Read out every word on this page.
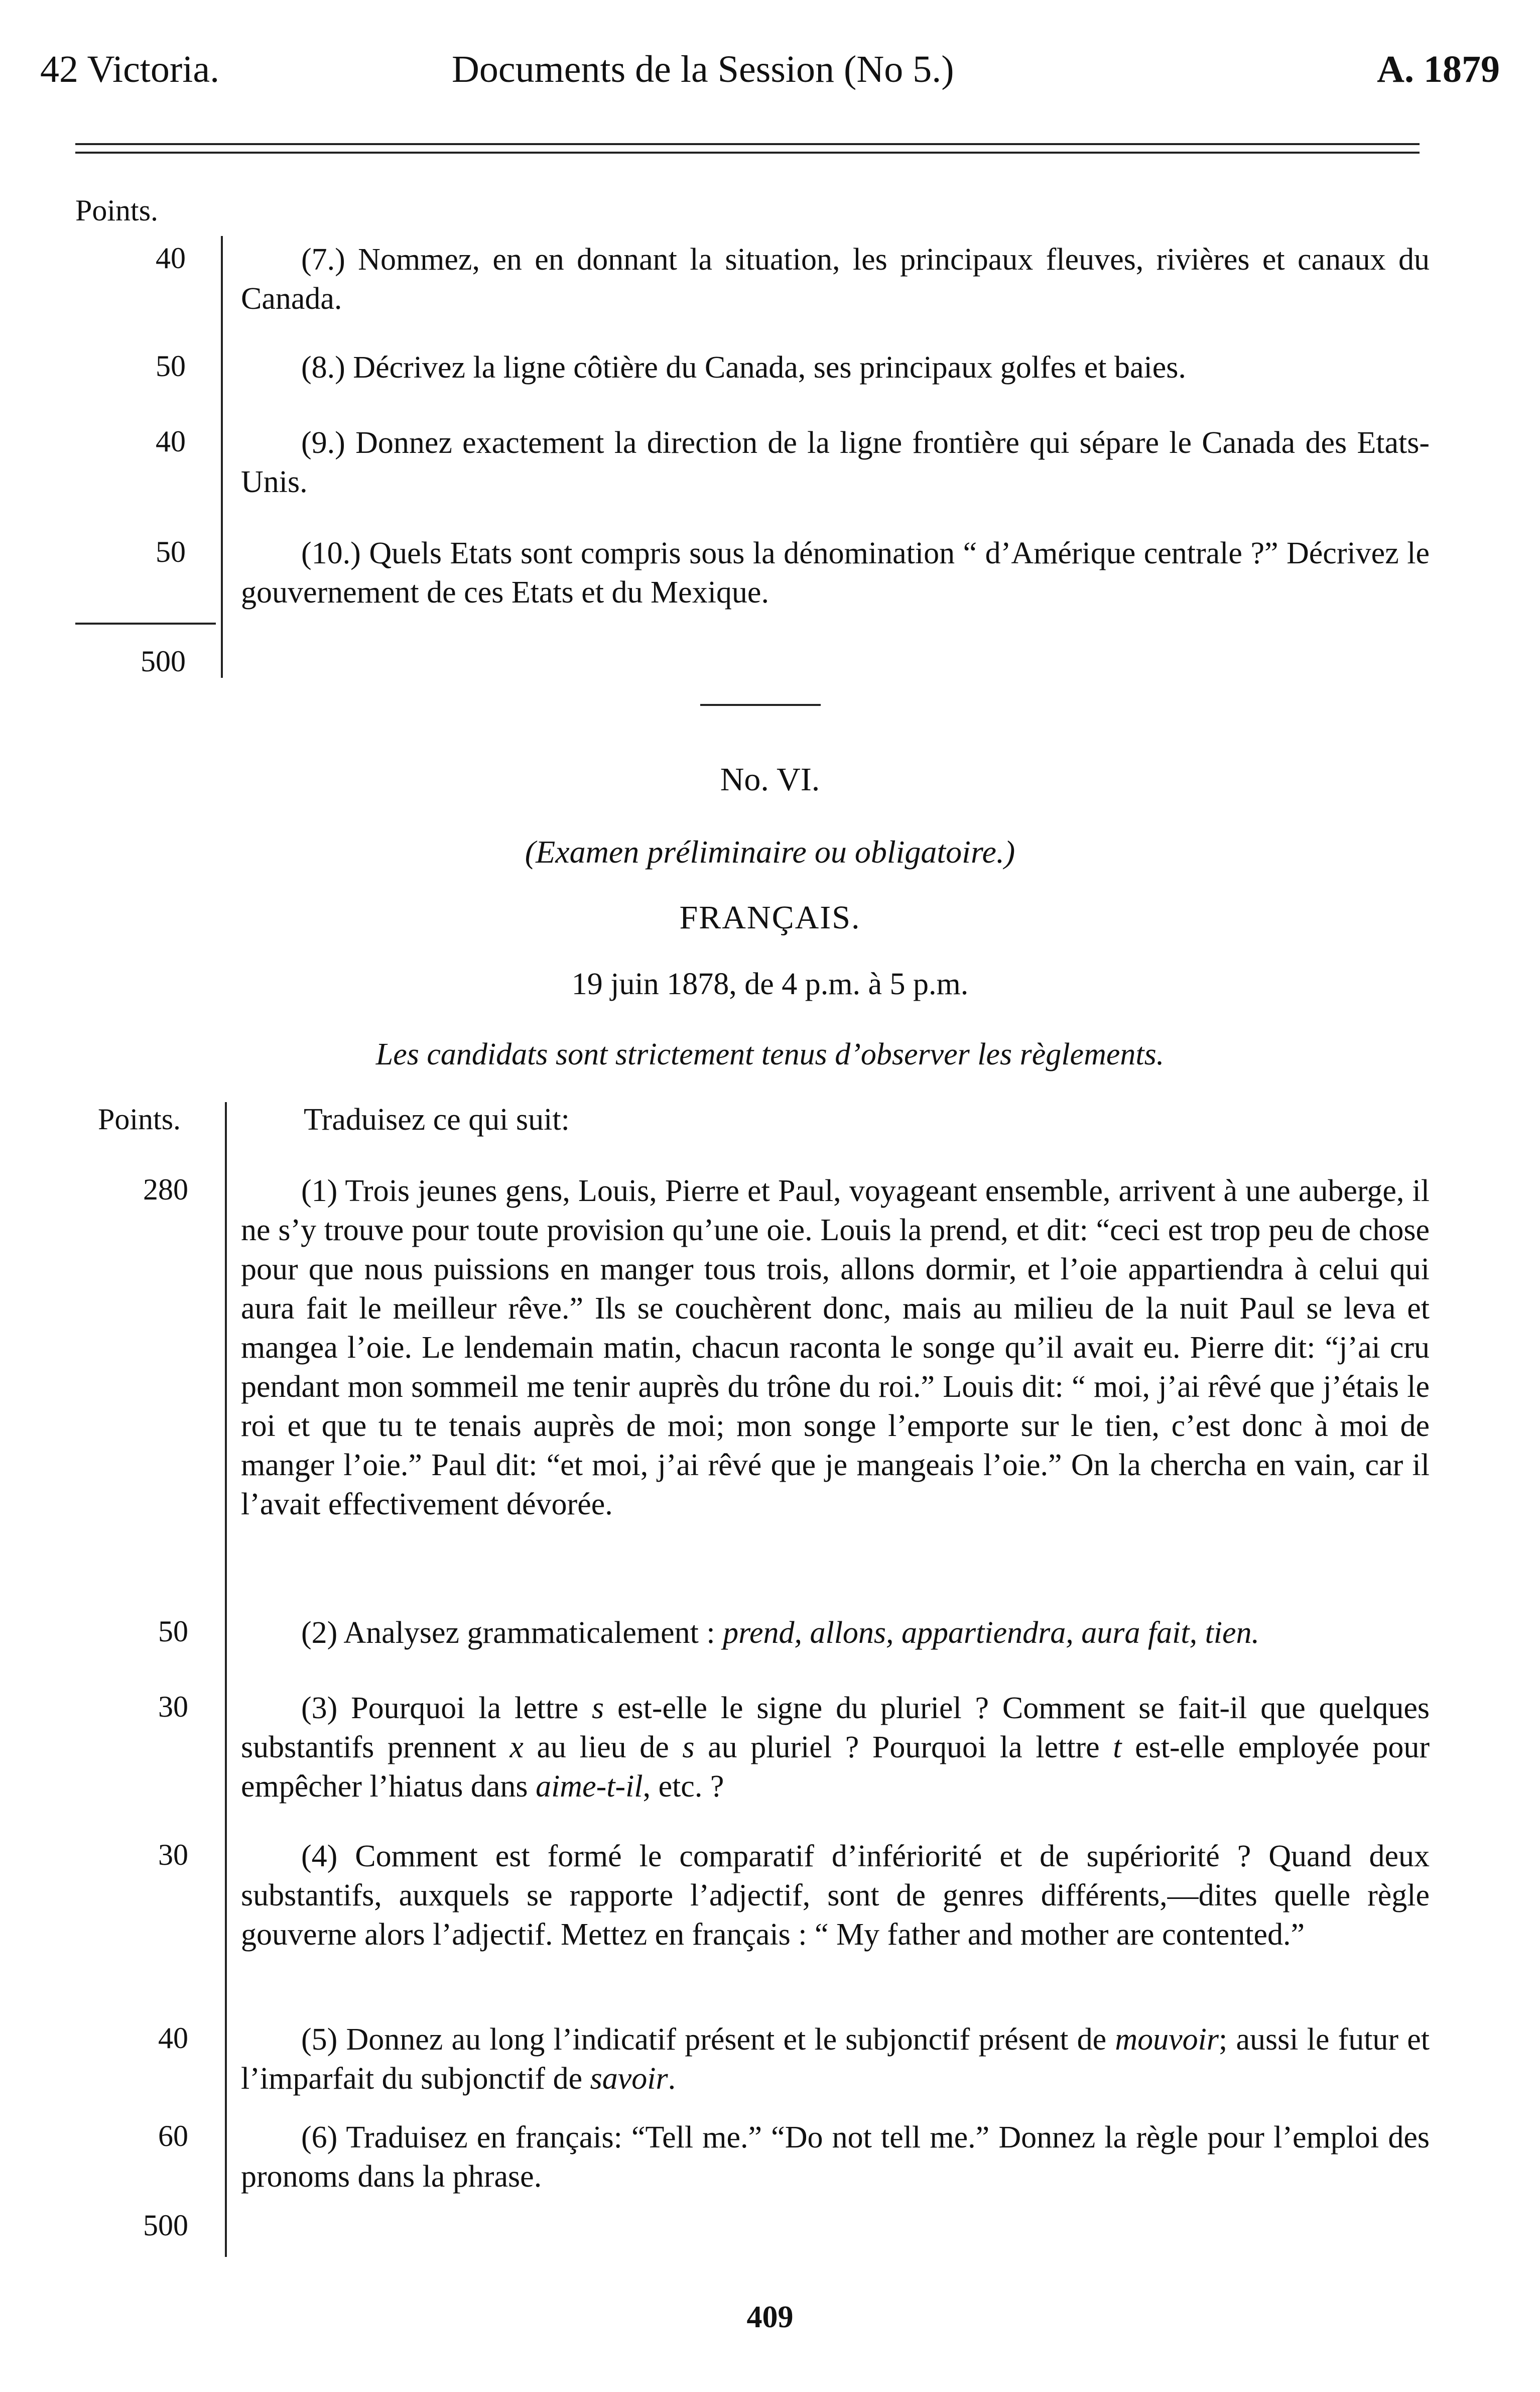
42 Victoria.	Documents de la Session (No 5.)	A. 1879
Points.
40	(7.) Nommez, en en donnant la situation, les principaux fleuves, rivières et canaux du Canada.

50	(8.) Décrivez la ligne côtière du Canada, ses principaux golfes et baies.

40	(9.) Donnez exactement la direction de la ligne frontière qui sépare le Canada des Etats-Unis.

50	(10.) Quels Etats sont compris sous la dénomination “ d’Amérique centrale ?” Décrivez le gouvernement de ces Etats et du Mexique.

500
No. VI.
(Examen préliminaire ou obligatoire.)
FRANÇAIS.
19 juin 1878, de 4 p.m. à 5 p.m.
Les candidats sont strictement tenus d’observer les règlements.
Points.	Traduisez ce qui suit:
280	(1) Trois jeunes gens, Louis, Pierre et Paul, voyageant ensemble, arrivent à une auberge, il ne s’y trouve pour toute provision qu’une oie. Louis la prend, et dit: “ceci est trop peu de chose pour que nous puissions en manger tous trois, allons dormir, et l’oie appartiendra à celui qui aura fait le meilleur rêve.” Ils se couchèrent donc, mais au milieu de la nuit Paul se leva et mangea l’oie. Le lendemain matin, chacun raconta le songe qu’il avait eu. Pierre dit: “j’ai cru pendant mon sommeil me tenir auprès du trône du roi.” Louis dit: “ moi, j’ai rêvé que j’étais le roi et que tu te tenais auprès de moi; mon songe l’emporte sur le tien, c’est donc à moi de manger l’oie.” Paul dit: “et moi, j’ai rêvé que je mangeais l’oie.” On la chercha en vain, car il l’avait effectivement dévorée.

50	(2) Analysez grammaticalement : prend, allons, appartiendra, aura fait, tien.

30	(3) Pourquoi la lettre s est-elle le signe du pluriel ? Comment se fait-il que quelques substantifs prennent x au lieu de s au pluriel ? Pourquoi la lettre t est-elle employée pour empêcher l’hiatus dans aime-t-il, etc. ?

30	(4) Comment est formé le comparatif d’infériorité et de supériorité ? Quand deux substantifs, auxquels se rapporte l’adjectif, sont de genres différents,—dites quelle règle gouverne alors l’adjectif. Mettez en français : “ My father and mother are contented.”

40	(5) Donnez au long l’indicatif présent et le subjonctif présent de mouvoir; aussi le futur et l’imparfait du subjonctif de savoir.

60	(6) Traduisez en français: “Tell me.” “Do not tell me.” Donnez la règle pour l’emploi des pronoms dans la phrase.

500
409
